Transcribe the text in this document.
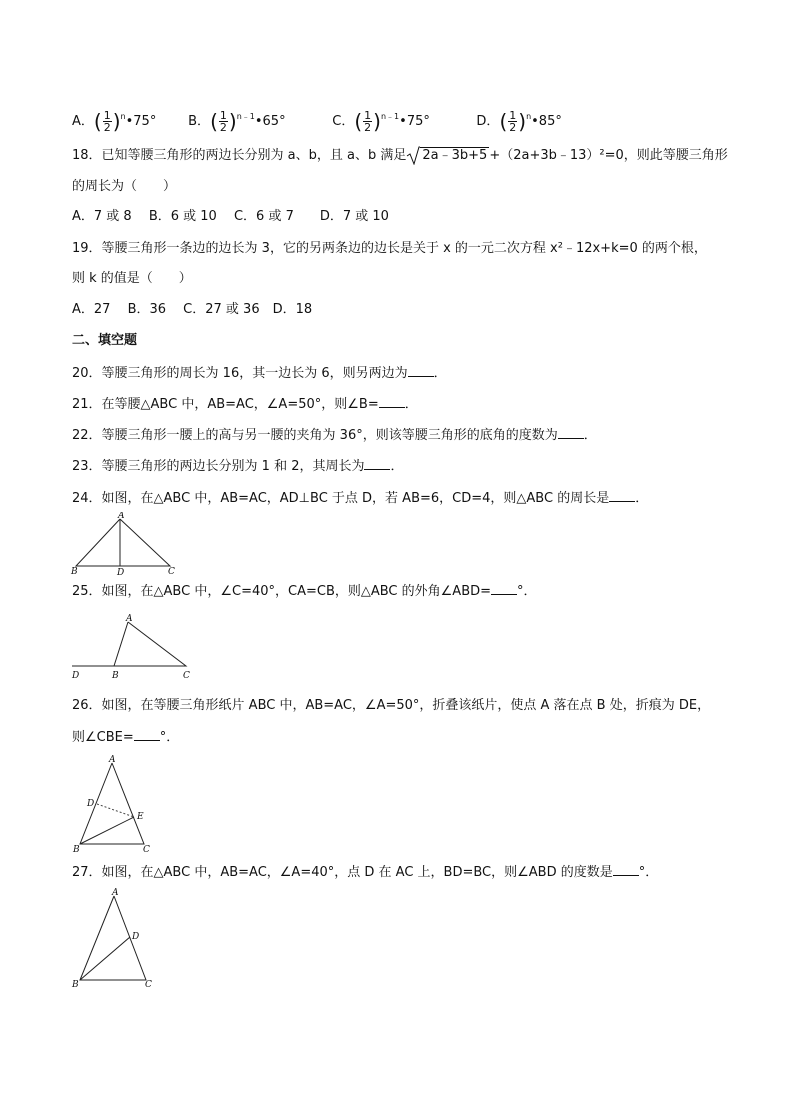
A．( $\frac{1}{2}$ )$^n$•75° B．( $\frac{1}{2}$ )$^{n﹣1}$•65°	C．( $\frac{1}{2}$ )$^{n﹣1}$•75°	D．( $\frac{1}{2}$ )$^n$•85°
18．已知等腰三角形的两边长分别为 a、b，且 a、b 满足 2a﹣3b+5 +（2a+3b﹣13）²=0，则此等腰三角形
的周长为（　　）
A．7 或 8　 B．6 或 10　 C．6 或 7　　D．7 或 10
19．等腰三角形一条边的边长为 3，它的另两条边的边长是关于 x 的一元二次方程 x²﹣12x+k=0 的两个根，
则 k 的值是（　　）
A．27　 B．36　 C．27 或 36　D．18
二、填空题
20．等腰三角形的周长为 16，其一边长为 6，则另两边为 ．
21．在等腰△ABC 中，AB=AC，∠A=50°，则∠B= ．
22．等腰三角形一腰上的高与另一腰的夹角为 36°，则该等腰三角形的底角的度数为 ．
23．等腰三角形的两边长分别为 1 和 2，其周长为 ．
24．如图，在△ABC 中，AB=AC，AD⊥BC 于点 D，若 AB=6，CD=4，则△ABC 的周长是 ．
A
B	C
D
25．如图，在△ABC 中，∠C=40°，CA=CB，则△ABC 的外角∠ABD= °．
A
B	C
D
26．如图，在等腰三角形纸片 ABC 中，AB=AC，∠A=50°，折叠该纸片，使点 A 落在点 B 处，折痕为 DE，
则∠CBE= °．
A
B	C
D
E
27．如图，在△ABC 中，AB=AC，∠A=40°，点 D 在 AC 上，BD=BC，则∠ABD 的度数是 °．
A
B	C
D
